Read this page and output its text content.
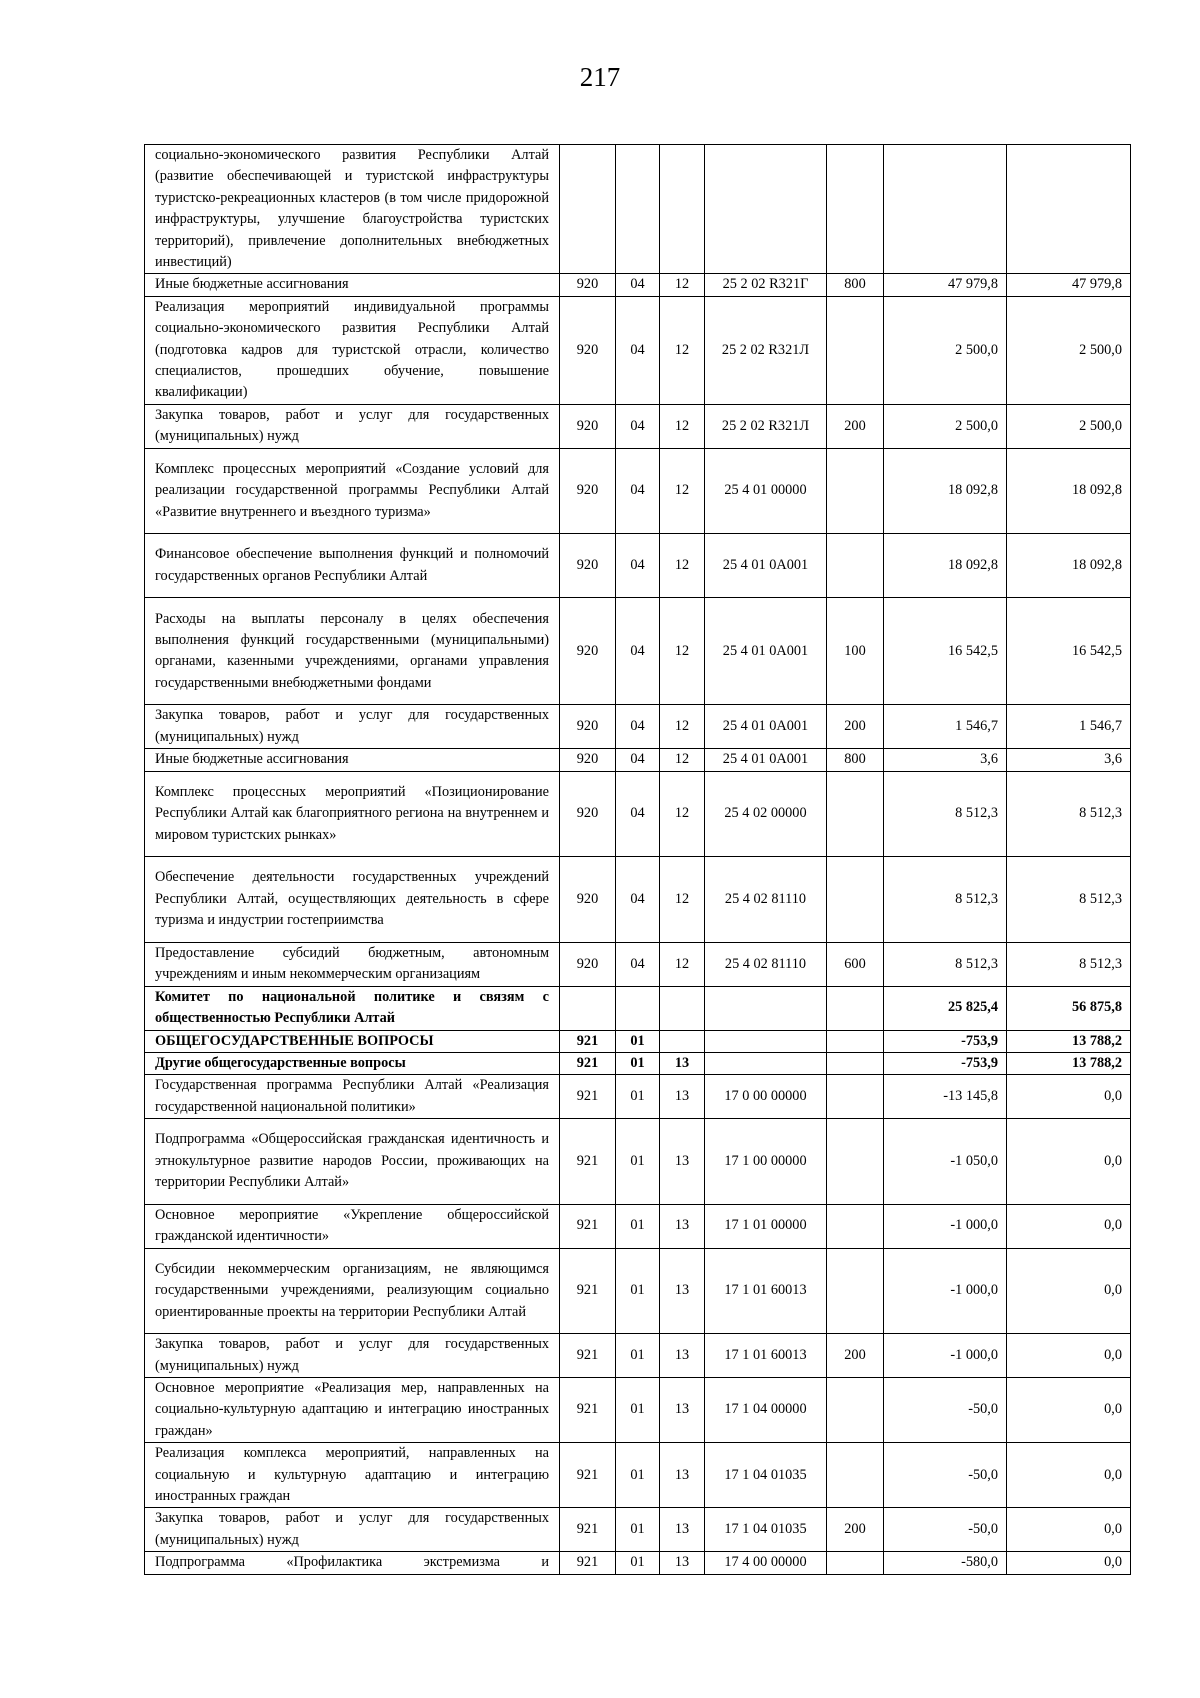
217
социально-экономического развития Республики Алтай (развитие обеспечивающей и туристской инфраструктуры туристско-рекреационных кластеров (в том числе придорожной инфраструктуры, улучшение благоустройства туристских территорий), привлечение дополнительных внебюджетных инвестиций)							
Иные бюджетные ассигнования	920	04	12	25 2 02 R321Г	800	47 979,8	47 979,8
Реализация мероприятий индивидуальной программы социально-экономического развития Республики Алтай (подготовка кадров для туристской отрасли, количество специалистов, прошедших обучение, повышение квалификации)	920	04	12	25 2 02 R321Л		2 500,0	2 500,0
Закупка товаров, работ и услуг для государственных (муниципальных) нужд	920	04	12	25 2 02 R321Л	200	2 500,0	2 500,0
Комплекс процессных мероприятий «Создание условий для реализации государственной программы Республики Алтай «Развитие внутреннего и въездного туризма»	920	04	12	25 4 01 00000		18 092,8	18 092,8
Финансовое обеспечение выполнения функций и полномочий государственных органов Республики Алтай	920	04	12	25 4 01 0А001		18 092,8	18 092,8
Расходы на выплаты персоналу в целях обеспечения выполнения функций государственными (муниципальными) органами, казенными учреждениями, органами управления государственными внебюджетными фондами	920	04	12	25 4 01 0А001	100	16 542,5	16 542,5
Закупка товаров, работ и услуг для государственных (муниципальных) нужд	920	04	12	25 4 01 0А001	200	1 546,7	1 546,7
Иные бюджетные ассигнования	920	04	12	25 4 01 0А001	800	3,6	3,6
Комплекс процессных мероприятий «Позиционирование Республики Алтай как благоприятного региона на внутреннем и мировом туристских рынках»	920	04	12	25 4 02 00000		8 512,3	8 512,3
Обеспечение деятельности государственных учреждений Республики Алтай, осуществляющих деятельность в сфере туризма и индустрии гостеприимства	920	04	12	25 4 02 81110		8 512,3	8 512,3
Предоставление субсидий бюджетным, автономным учреждениям и иным некоммерческим организациям	920	04	12	25 4 02 81110	600	8 512,3	8 512,3
Комитет по национальной политике и связям с общественностью Республики Алтай						25 825,4	56 875,8
ОБЩЕГОСУДАРСТВЕННЫЕ ВОПРОСЫ	921	01				-753,9	13 788,2
Другие общегосударственные вопросы	921	01	13			-753,9	13 788,2
Государственная программа Республики Алтай «Реализация государственной национальной политики»	921	01	13	17 0 00 00000		-13 145,8	0,0
Подпрограмма «Общероссийская гражданская идентичность и этнокультурное развитие народов России, проживающих на территории Республики Алтай»	921	01	13	17 1 00 00000		-1 050,0	0,0
Основное мероприятие «Укрепление общероссийской гражданской идентичности»	921	01	13	17 1 01 00000		-1 000,0	0,0
Субсидии некоммерческим организациям, не являющимся государственными учреждениями, реализующим социально ориентированные проекты на территории Республики Алтай	921	01	13	17 1 01 60013		-1 000,0	0,0
Закупка товаров, работ и услуг для государственных (муниципальных) нужд	921	01	13	17 1 01 60013	200	-1 000,0	0,0
Основное мероприятие «Реализация мер, направленных на социально-культурную адаптацию и интеграцию иностранных граждан»	921	01	13	17 1 04 00000		-50,0	0,0
Реализация комплекса мероприятий, направленных на социальную и культурную адаптацию и интеграцию иностранных граждан	921	01	13	17 1 04 01035		-50,0	0,0
Закупка товаров, работ и услуг для государственных (муниципальных) нужд	921	01	13	17 1 04 01035	200	-50,0	0,0
Подпрограмма «Профилактика экстремизма и	921	01	13	17 4 00 00000		-580,0	0,0
